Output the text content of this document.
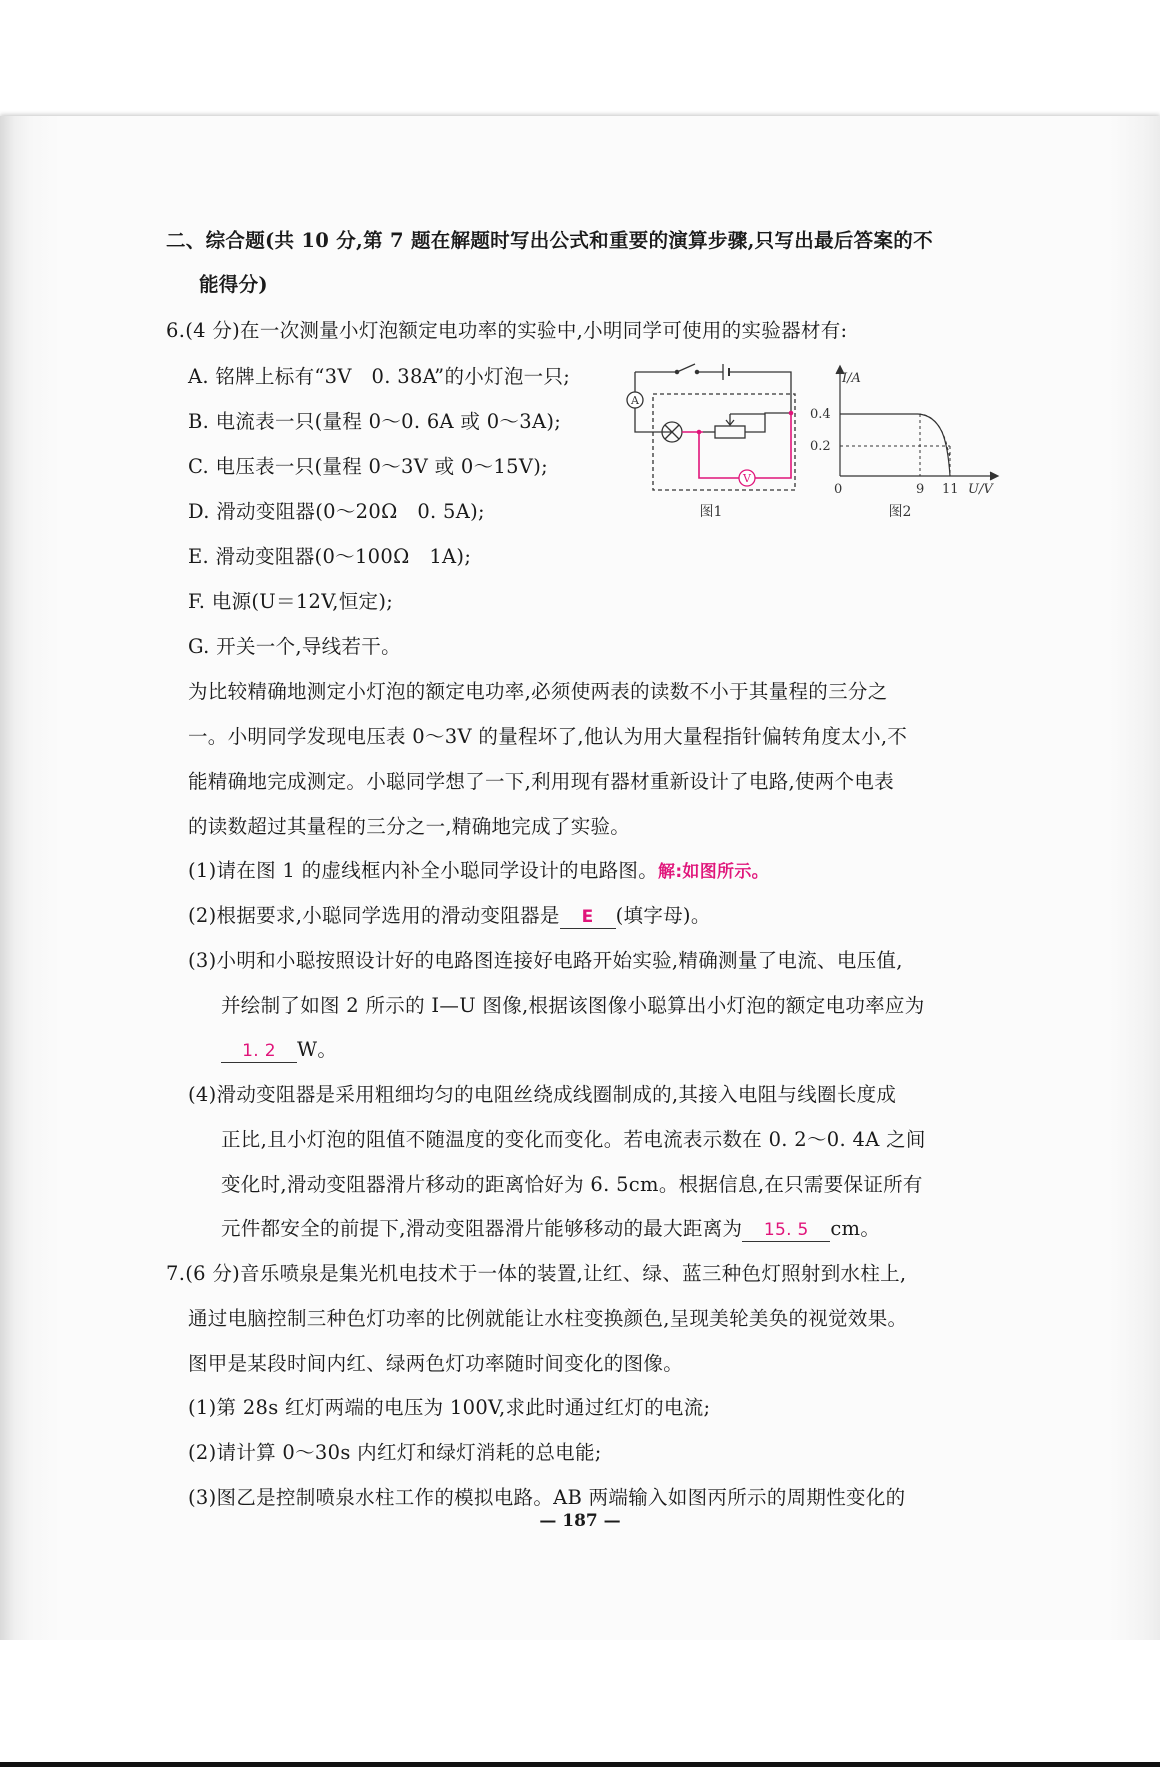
二、综合题(共 10 分,第 7 题在解题时写出公式和重要的演算步骤,只写出最后答案的不
能得分)
6.(4 分)在一次测量小灯泡额定电功率的实验中,小明同学可使用的实验器材有:
A. 铭牌上标有“3V　0. 38A”的小灯泡一只;
B. 电流表一只(量程 0～0. 6A 或 0～3A);
C. 电压表一只(量程 0～3V 或 0～15V);
D. 滑动变阻器(0～20Ω　0. 5A);
E. 滑动变阻器(0～100Ω　1A);
F. 电源(U＝12V,恒定);
G. 开关一个,导线若干。
A
V
图1
I/A
0.4
0.2
0	9 11 U/V
图2
为比较精确地测定小灯泡的额定电功率,必须使两表的读数不小于其量程的三分之
一。小明同学发现电压表 0～3V 的量程坏了,他认为用大量程指针偏转角度太小,不
能精确地完成测定。小聪同学想了一下,利用现有器材重新设计了电路,使两个电表
的读数超过其量程的三分之一,精确地完成了实验。
(1)请在图 1 的虚线框内补全小聪同学设计的电路图。解:如图所示。
(2)根据要求,小聪同学选用的滑动变阻器是 E (填字母)。
(3)小明和小聪按照设计好的电路图连接好电路开始实验,精确测量了电流、电压值,
并绘制了如图 2 所示的 I—U 图像,根据该图像小聪算出小灯泡的额定电功率应为
1. 2 W。
(4)滑动变阻器是采用粗细均匀的电阻丝绕成线圈制成的,其接入电阻与线圈长度成
正比,且小灯泡的阻值不随温度的变化而变化。若电流表示数在 0. 2～0. 4A 之间
变化时,滑动变阻器滑片移动的距离恰好为 6. 5cm。根据信息,在只需要保证所有
元件都安全的前提下,滑动变阻器滑片能够移动的最大距离为 15. 5 cm。
7.(6 分)音乐喷泉是集光机电技术于一体的装置,让红、绿、蓝三种色灯照射到水柱上,
通过电脑控制三种色灯功率的比例就能让水柱变换颜色,呈现美轮美奂的视觉效果。
图甲是某段时间内红、绿两色灯功率随时间变化的图像。
(1)第 28s 红灯两端的电压为 100V,求此时通过红灯的电流;
(2)请计算 0～30s 内红灯和绿灯消耗的总电能;
(3)图乙是控制喷泉水柱工作的模拟电路。AB 两端输入如图丙所示的周期性变化的
— 187 —
